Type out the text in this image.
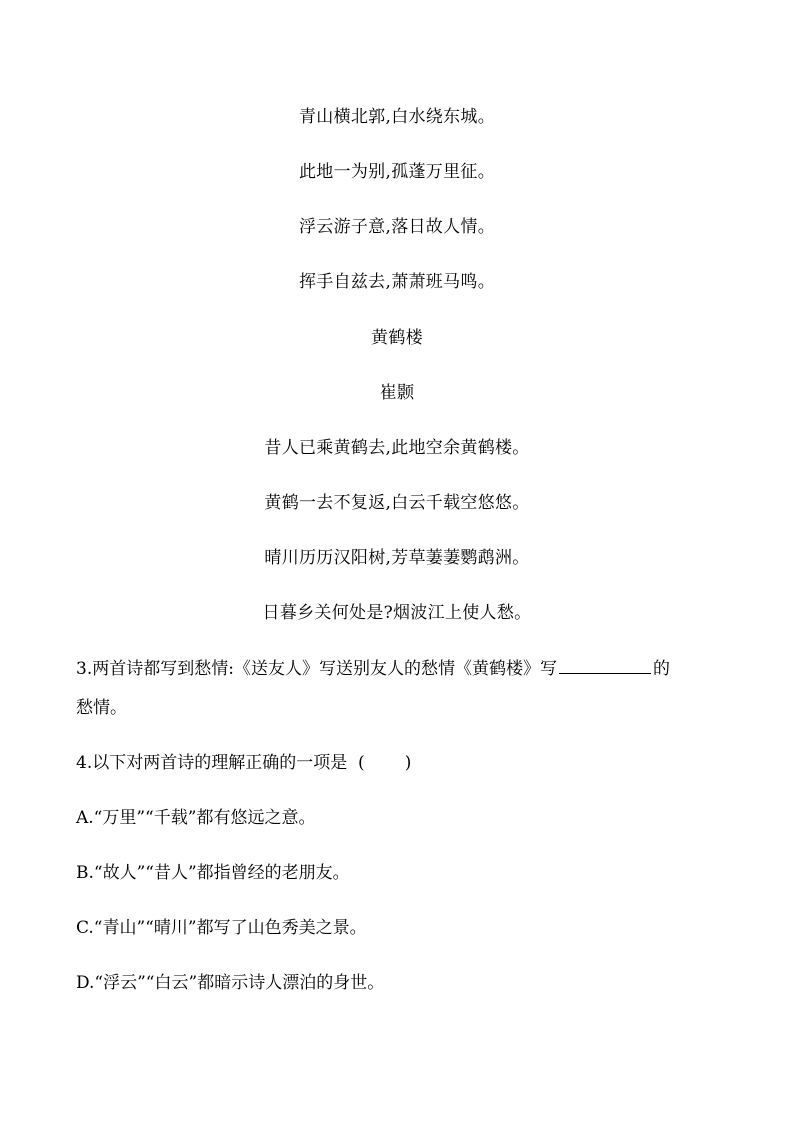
青山横北郭,白水绕东城。
此地一为别,孤蓬万里征。
浮云游子意,落日故人情。
挥手自兹去,萧萧班马鸣。
黄鹤楼
崔颢
昔人已乘黄鹤去,此地空余黄鹤楼。
黄鹤一去不复返,白云千载空悠悠。
晴川历历汉阳树,芳草萋萋鹦鹉洲。
日暮乡关何处是?烟波江上使人愁。
3.两首诗都写到愁情:《送友人》写送别友人的愁情《黄鹤楼》写	的
愁情。
4.以下对两首诗的理解正确的一项是 ( )
A.“万里”“千载”都有悠远之意。
B.“故人”“昔人”都指曾经的老朋友。
C.“青山”“晴川”都写了山色秀美之景。
D.“浮云”“白云”都暗示诗人漂泊的身世。
